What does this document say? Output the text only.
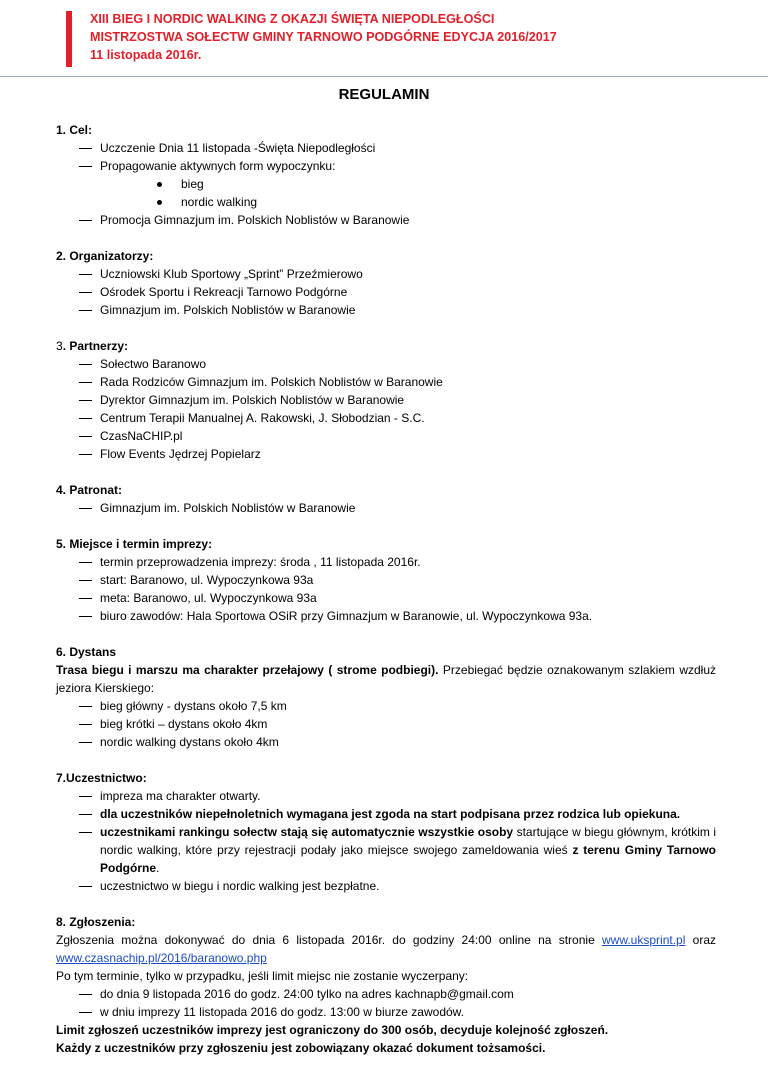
XIII BIEG I NORDIC WALKING Z OKAZJI ŚWIĘTA NIEPODLEGŁOŚCI
MISTRZOSTWA SOŁECTW GMINY TARNOWO PODGÓRNE EDYCJA 2016/2017
11 listopada 2016r.
REGULAMIN
1. Cel:
Uczczenie Dnia 11 listopada -Święta Niepodległości
Propagowanie aktywnych form wypoczynku:
bieg
nordic walking
Promocja Gimnazjum im. Polskich Noblistów w Baranowie
2. Organizatorzy:
Uczniowski Klub Sportowy „Sprint” Przeźmierowo
Ośrodek Sportu i Rekreacji Tarnowo Podgórne
Gimnazjum im. Polskich Noblistów w Baranowie
3. Partnerzy:
Sołectwo Baranowo
Rada Rodziców Gimnazjum im. Polskich Noblistów w Baranowie
Dyrektor Gimnazjum im. Polskich Noblistów w Baranowie
Centrum Terapii Manualnej A. Rakowski, J. Słobodzian - S.C.
CzasNaCHIP.pl
Flow Events Jędrzej Popielarz
4. Patronat:
Gimnazjum im. Polskich Noblistów w Baranowie
5. Miejsce i termin imprezy:
termin przeprowadzenia imprezy: środa , 11 listopada 2016r.
start: Baranowo, ul. Wypoczynkowa 93a
meta: Baranowo, ul. Wypoczynkowa 93a
biuro zawodów: Hala Sportowa OSiR przy Gimnazjum w Baranowie, ul. Wypoczynkowa 93a.
6. Dystans
Trasa biegu i marszu ma charakter przełajowy ( strome podbiegi). Przebiegać będzie oznakowanym szlakiem wzdłuż jeziora Kierskiego:
bieg główny - dystans około 7,5 km
bieg krótki – dystans około 4km
nordic walking dystans około 4km
7.Uczestnictwo:
impreza ma charakter otwarty.
dla uczestników niepełnoletnich wymagana jest zgoda na start podpisana przez rodzica lub opiekuna.
uczestnikami rankingu sołectw stają się automatycznie wszystkie osoby startujące w biegu głównym, krótkim i nordic walking, które przy rejestracji podały jako miejsce swojego zameldowania wieś z terenu Gminy Tarnowo Podgórne.
uczestnictwo w biegu i nordic walking jest bezpłatne.
8. Zgłoszenia:
Zgłoszenia można dokonywać do dnia 6 listopada 2016r. do godziny 24:00 online na stronie www.uksprint.pl oraz www.czasnachip.pl/2016/baranowo.php
Po tym terminie, tylko w przypadku, jeśli limit miejsc nie zostanie wyczerpany:
do dnia 9 listopada 2016 do godz. 24:00 tylko na adres kachnapb@gmail.com
w dniu imprezy 11 listopada 2016 do godz. 13:00 w biurze zawodów.
Limit zgłoszeń uczestników imprezy jest ograniczony do 300 osób, decyduje kolejność zgłoszeń.
Każdy z uczestników przy zgłoszeniu jest zobowiązany okazać dokument tożsamości.
